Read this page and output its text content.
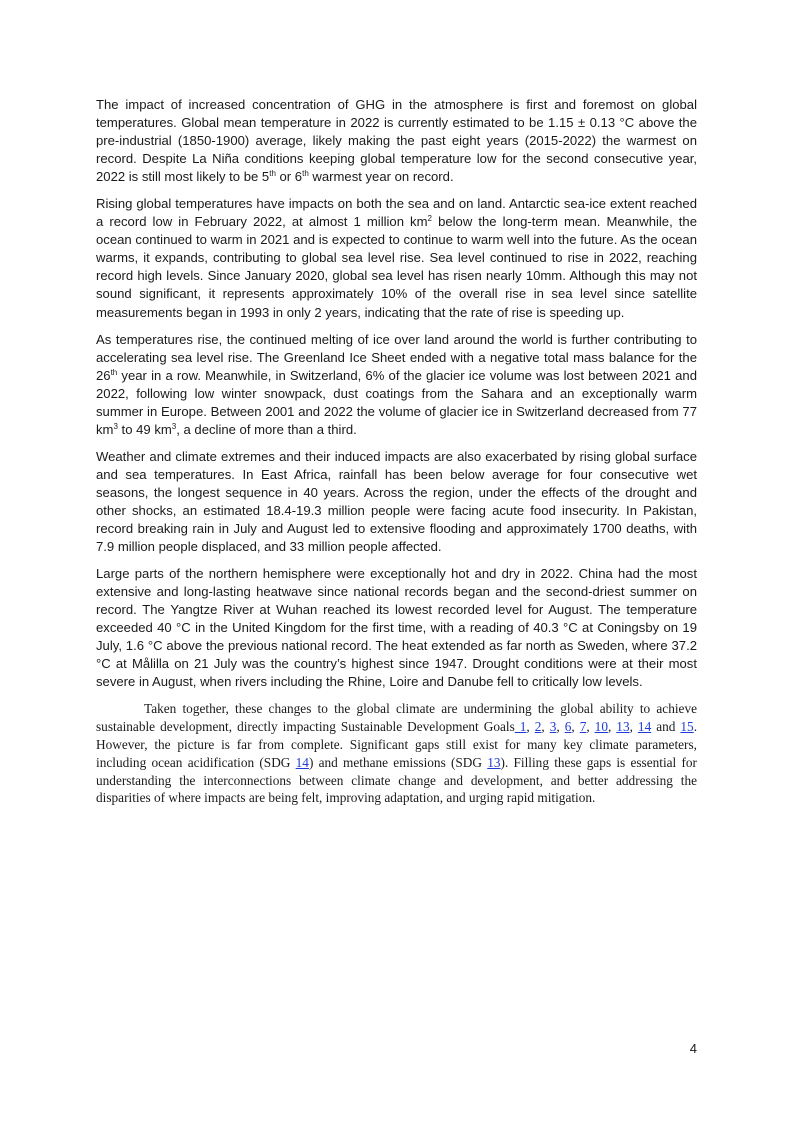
The impact of increased concentration of GHG in the atmosphere is first and foremost on global temperatures. Global mean temperature in 2022 is currently estimated to be 1.15 ± 0.13 °C above the pre-industrial (1850-1900) average, likely making the past eight years (2015-2022) the warmest on record. Despite La Niña conditions keeping global temperature low for the second consecutive year, 2022 is still most likely to be 5th or 6th warmest year on record.

Rising global temperatures have impacts on both the sea and on land. Antarctic sea-ice extent reached a record low in February 2022, at almost 1 million $km^2$ below the long-term mean. Meanwhile, the ocean continued to warm in 2021 and is expected to continue to warm well into the future. As the ocean warms, it expands, contributing to global sea level rise. Sea level continued to rise in 2022, reaching record high levels. Since January 2020, global sea level has risen nearly 10mm. Although this may not sound significant, it represents approximately 10% of the overall rise in sea level since satellite measurements began in 1993 in only 2 years, indicating that the rate of rise is speeding up.

As temperatures rise, the continued melting of ice over land around the world is further contributing to accelerating sea level rise. The Greenland Ice Sheet ended with a negative total mass balance for the 26th year in a row. Meanwhile, in Switzerland, 6% of the glacier ice volume was lost between 2021 and 2022, following low winter snowpack, dust coatings from the Sahara and an exceptionally warm summer in Europe. Between 2001 and 2022 the volume of glacier ice in Switzerland decreased from 77 $km^3$ to 49 $km^3$, a decline of more than a third.

Weather and climate extremes and their induced impacts are also exacerbated by rising global surface and sea temperatures. In East Africa, rainfall has been below average for four consecutive wet seasons, the longest sequence in 40 years. Across the region, under the effects of the drought and other shocks, an estimated 18.4-19.3 million people were facing acute food insecurity. In Pakistan, record breaking rain in July and August led to extensive flooding and approximately 1700 deaths, with 7.9 million people displaced, and 33 million people affected.

Large parts of the northern hemisphere were exceptionally hot and dry in 2022. China had the most extensive and long-lasting heatwave since national records began and the second-driest summer on record. The Yangtze River at Wuhan reached its lowest recorded level for August. The temperature exceeded 40 °C in the United Kingdom for the first time, with a reading of 40.3 °C at Coningsby on 19 July, 1.6 °C above the previous national record. The heat extended as far north as Sweden, where 37.2 °C at Målilla on 21 July was the country’s highest since 1947. Drought conditions were at their most severe in August, when rivers including the Rhine, Loire and Danube fell to critically low levels.

Taken together, these changes to the global climate are undermining the global ability to achieve sustainable development, directly impacting Sustainable Development Goals 1, 2, 3, 6, 7, 10, 13, 14 and 15. However, the picture is far from complete. Significant gaps still exist for many key climate parameters, including ocean acidification (SDG 14) and methane emissions (SDG 13). Filling these gaps is essential for understanding the interconnections between climate change and development, and better addressing the disparities of where impacts are being felt, improving adaptation, and urging rapid mitigation.

4
